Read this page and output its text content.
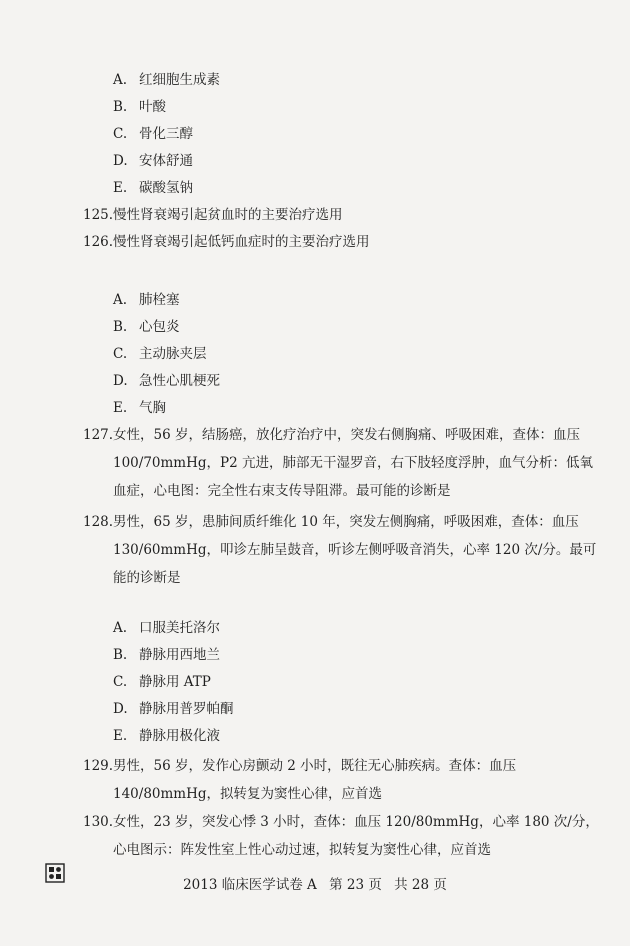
A. 红细胞生成素
B. 叶酸
C. 骨化三醇
D. 安体舒通
E. 碳酸氢钠
125. 慢性肾衰竭引起贫血时的主要治疗选用
126. 慢性肾衰竭引起低钙血症时的主要治疗选用
A. 肺栓塞
B. 心包炎
C. 主动脉夹层
D. 急性心肌梗死
E. 气胸
127. 女性，56 岁，结肠癌，放化疗治疗中，突发右侧胸痛、呼吸困难，查体：血压 100/70mmHg，P2 亢进，肺部无干湿罗音，右下肢轻度浮肿，血气分析：低氧血症，心电图：完全性右束支传导阻滞。最可能的诊断是
128. 男性，65 岁，患肺间质纤维化 10 年，突发左侧胸痛，呼吸困难，查体：血压 130/60mmHg，叩诊左肺呈鼓音，听诊左侧呼吸音消失，心率 120 次/分。最可能的诊断是
A. 口服美托洛尔
B. 静脉用西地兰
C. 静脉用 ATP
D. 静脉用普罗帕酮
E. 静脉用极化液
129. 男性，56 岁，发作心房颤动 2 小时，既往无心肺疾病。查体：血压 140/80mmHg，拟转复为窦性心律，应首选
130. 女性，23 岁，突发心悸 3 小时，查体：血压 120/80mmHg，心率 180 次/分，心电图示：阵发性室上性心动过速，拟转复为窦性心律，应首选
2013 临床医学试卷 A 第 23 页 共 28 页
